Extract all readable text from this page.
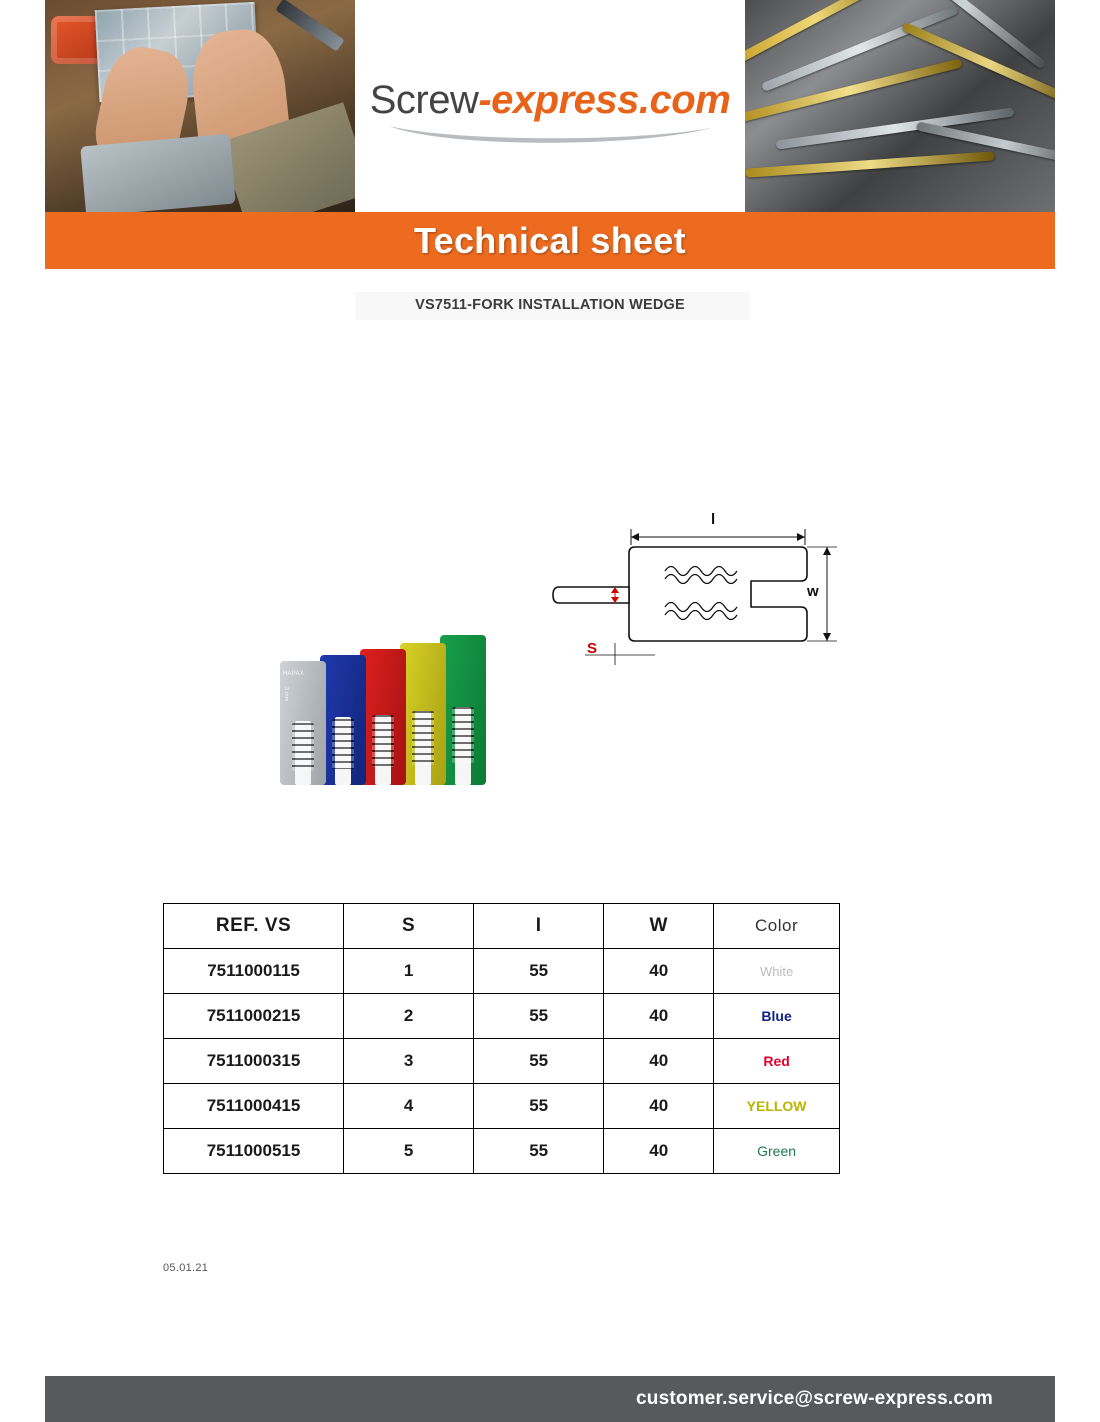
Screw-express.com
Technical sheet
VS7511-FORK INSTALLATION WEDGE
HAPAX
2 mm
l
w
S
REF. VS	S	I	W	Color
7511000115	1	55	40	White
7511000215	2	55	40	Blue
7511000315	3	55	40	Red
7511000415	4	55	40	YELLOW
7511000515	5	55	40	Green
05.01.21
customer.service@screw-express.com
